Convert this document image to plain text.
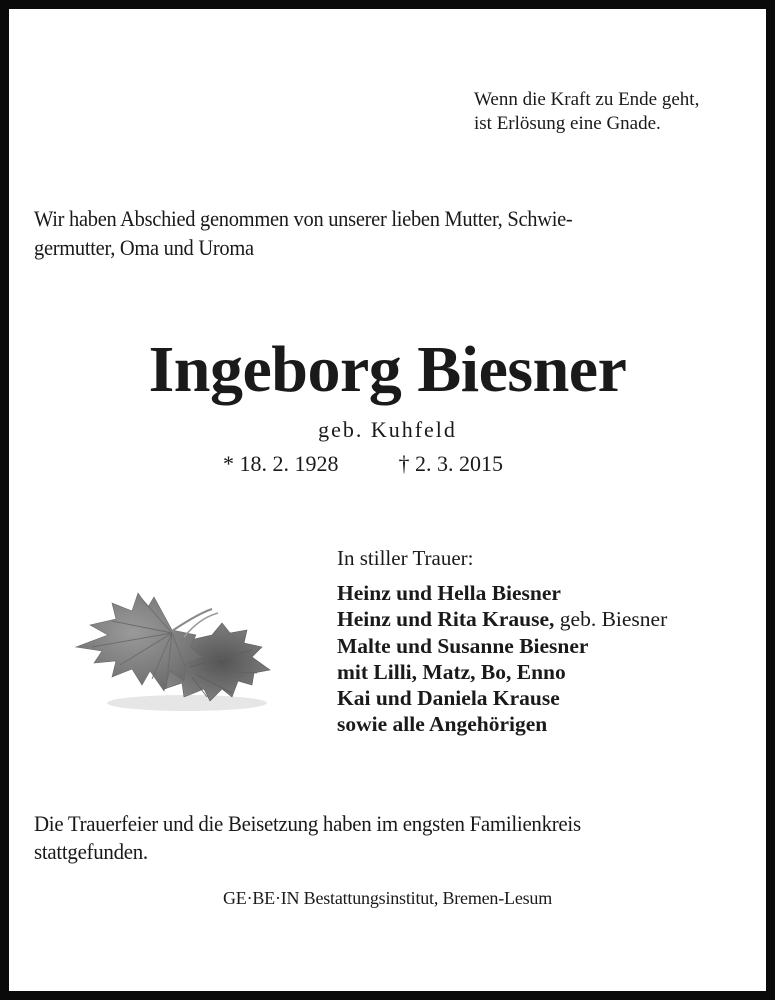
Wenn die Kraft zu Ende geht,
ist Erlösung eine Gnade.
Wir haben Abschied genommen von unserer lieben Mutter, Schwie-
germutter, Oma und Uroma
Ingeborg Biesner
geb. Kuhfeld
* 18. 2. 1928	† 2. 3. 2015
In stiller Trauer:
Heinz und Hella Biesner
Heinz und Rita Krause, geb. Biesner
Malte und Susanne Biesner
mit Lilli, Matz, Bo, Enno
Kai und Daniela Krause
sowie alle Angehörigen
Die Trauerfeier und die Beisetzung haben im engsten Familienkreis
stattgefunden.
GE·BE·IN Bestattungsinstitut, Bremen-Lesum
